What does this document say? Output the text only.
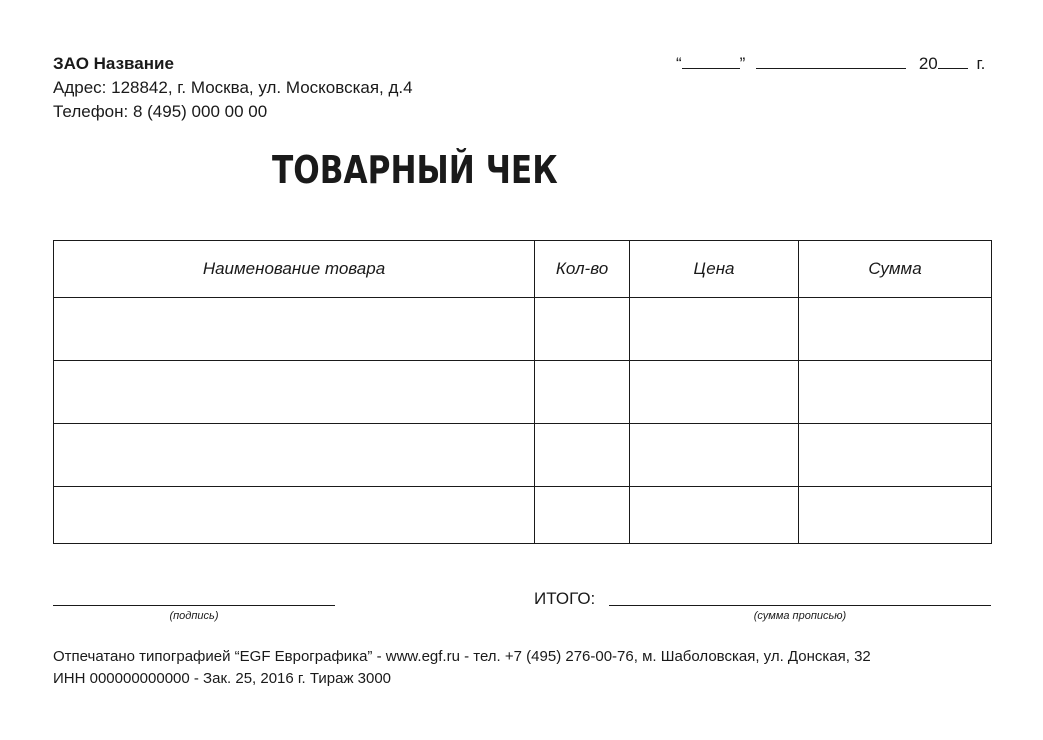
ЗАО Название
Адрес: 128842, г. Москва, ул. Московская, д.4
Телефон: 8 (495) 000 00 00
“	”	20 г.
ТОВАРНЫЙ ЧЕК
Наименование товара	Кол-во	Цена	Сумма

(подпись)
ИТОГО:
(сумма прописью)
Отпечатано типографией “EGF Еврографика” - www.egf.ru - тел. +7 (495) 276-00-76, м. Шаболовская, ул. Донская, 32
ИНН 000000000000 - Зак. 25, 2016 г. Тираж 3000
